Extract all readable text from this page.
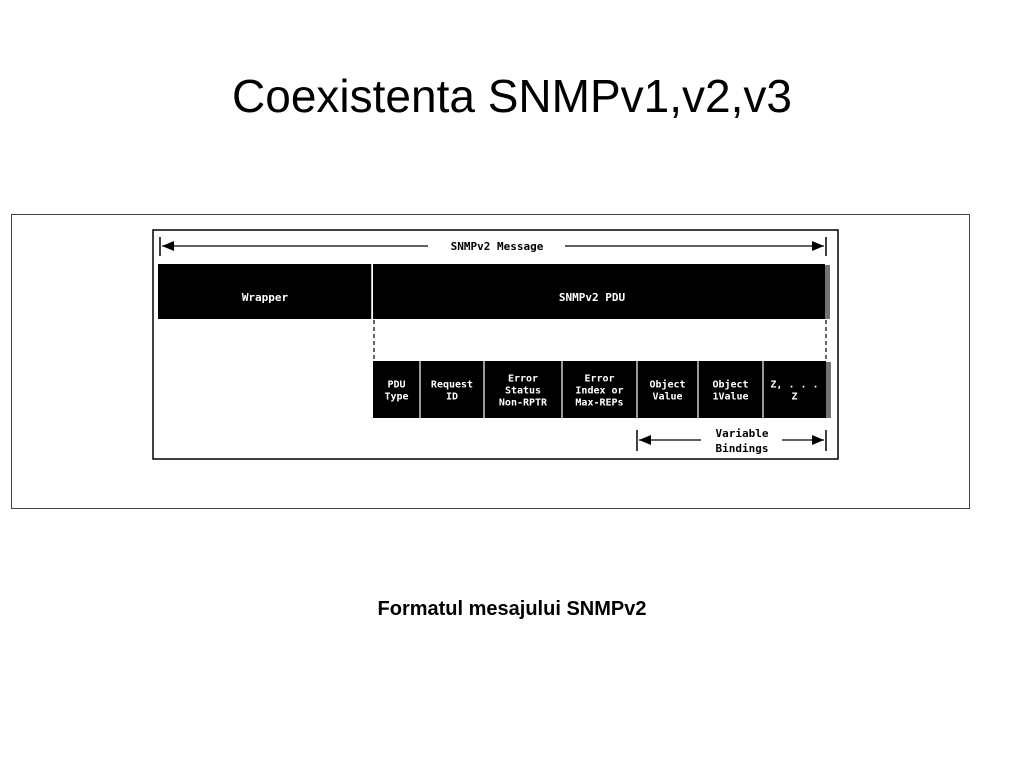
Coexistenta SNMPv1,v2,v3
SNMPv2 Message
Wrapper	SNMPv2 PDU
PDU
Type
Request
ID
Error
Status
Non-RPTR
Error
Index or
Max-REPs
Object
Value
Object
1Value
Z, . . .
Z
Variable
Bindings
Formatul mesajului SNMPv2
